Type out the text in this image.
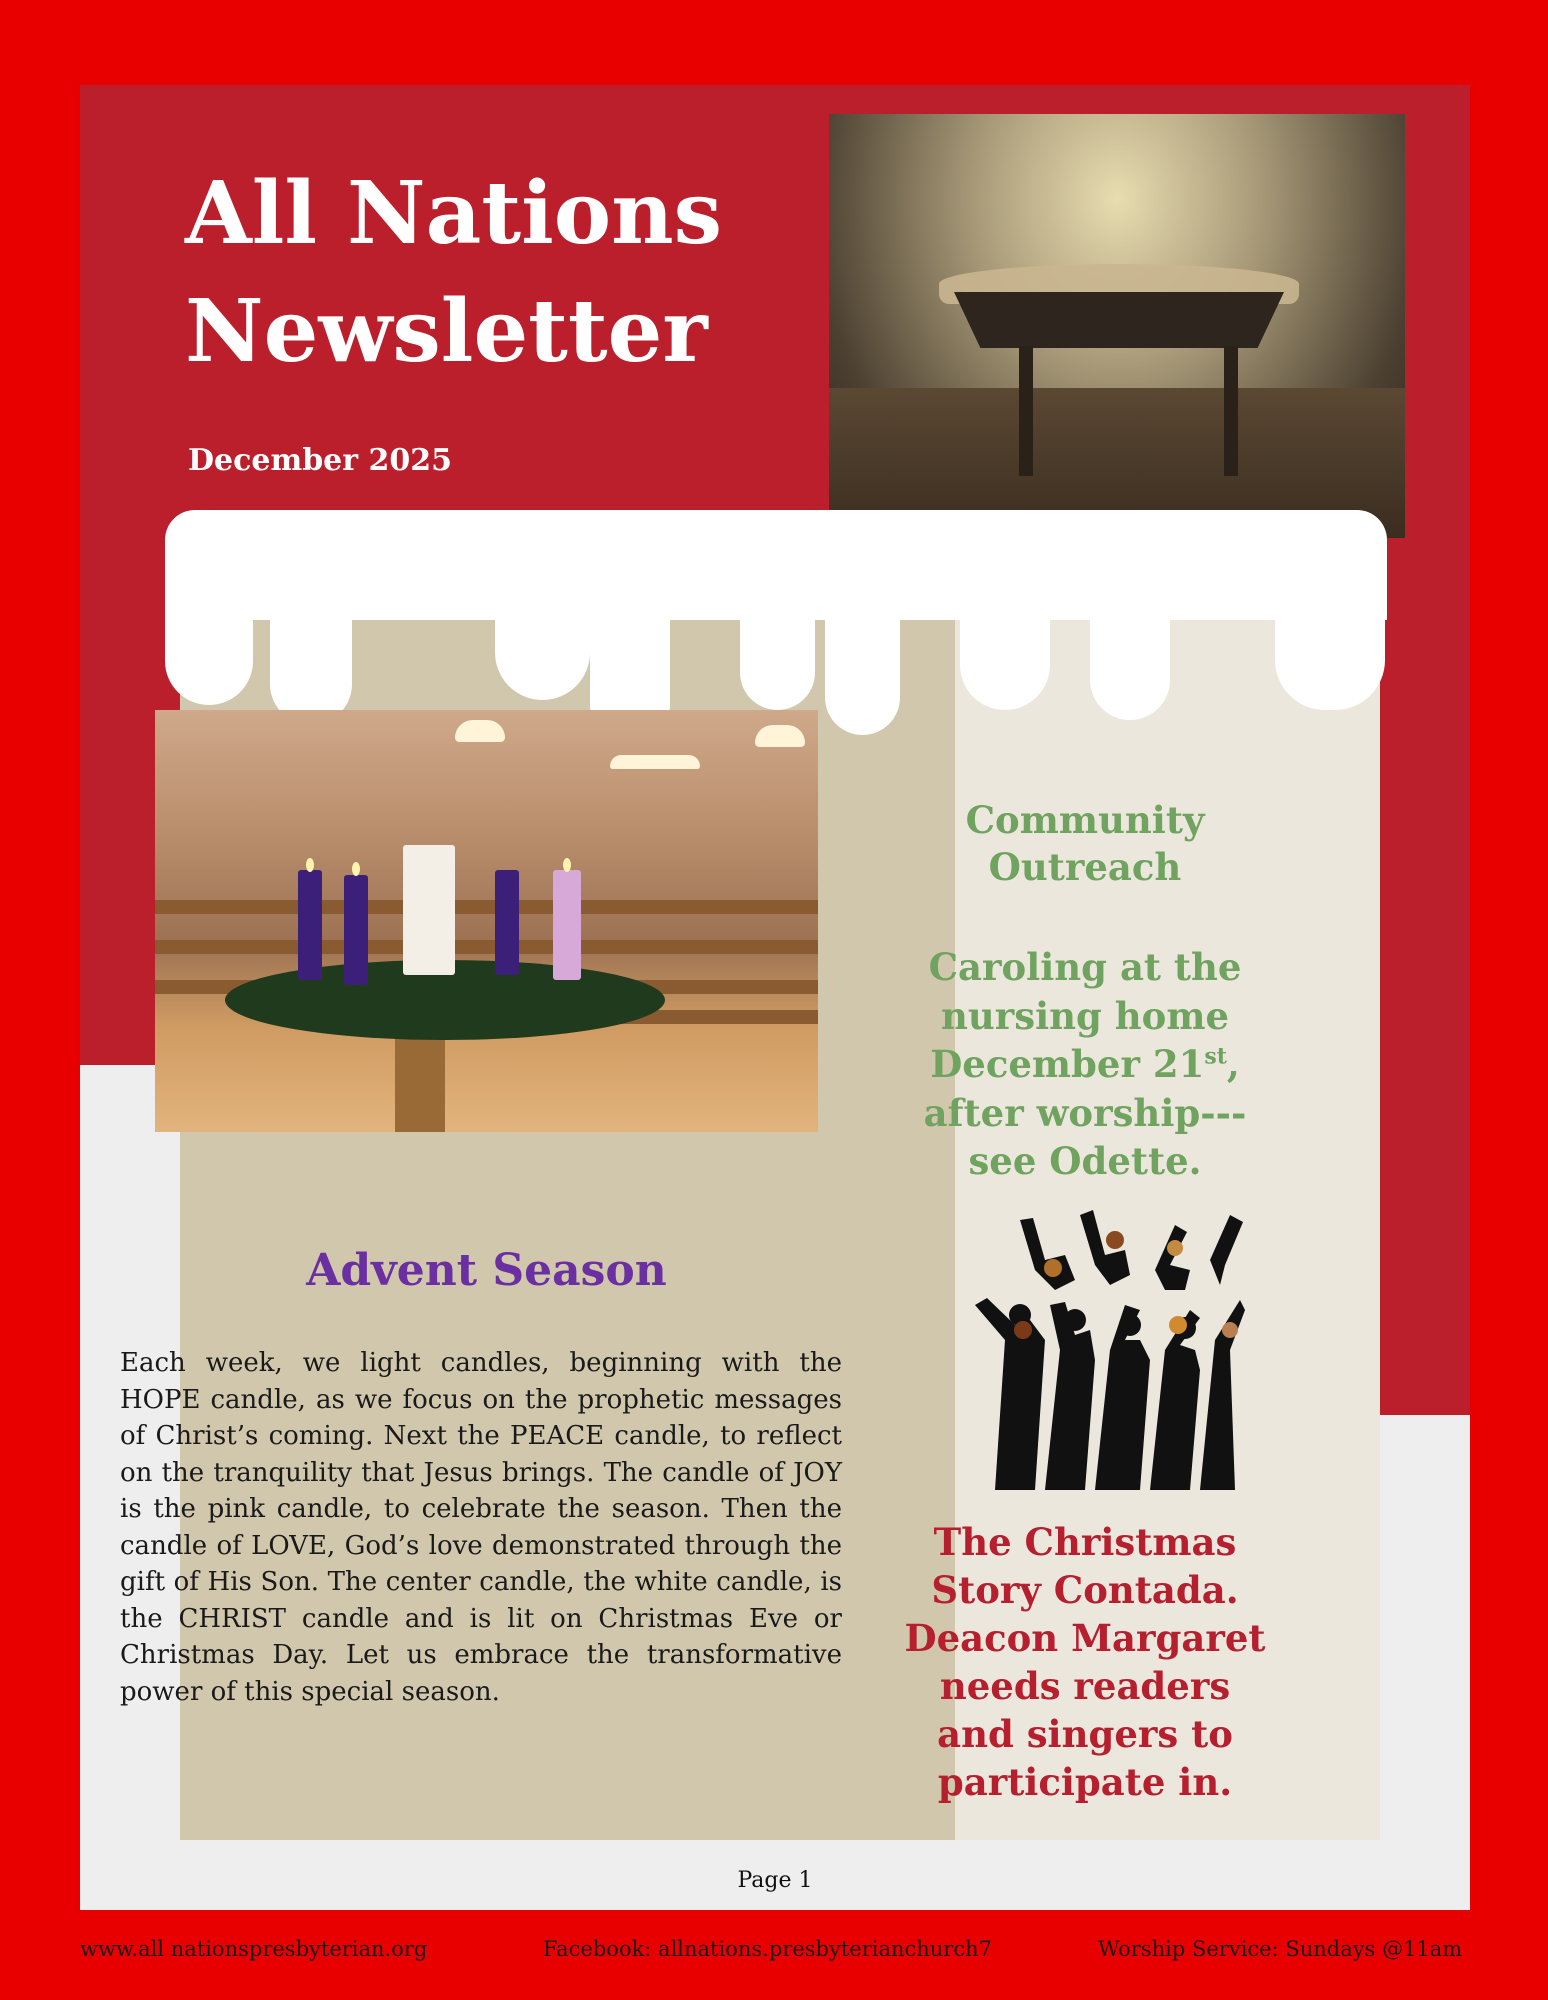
All Nations
Newsletter
December 2025
Advent Season
Each week, we light candles, beginning with the HOPE candle, as we focus on the prophetic messages of Christ’s coming. Next the PEACE candle, to reflect on the tranquility that Jesus brings. The candle of JOY is the pink candle, to celebrate the season. Then the candle of LOVE, God’s love demonstrated through the gift of His Son. The center candle, the white candle, is the CHRIST candle and is lit on Christmas Eve or Christmas Day. Let us embrace the transformative power of this special season.
Community
Outreach
Caroling at the
nursing home
December 21st,
after worship---
see Odette.
The Christmas
Story Contada.
Deacon Margaret
needs readers
and singers to
participate in.
Page 1
www.all nationspresbyterian.org	Facebook: allnations.presbyterianchurch7	Worship Service: Sundays @11am
